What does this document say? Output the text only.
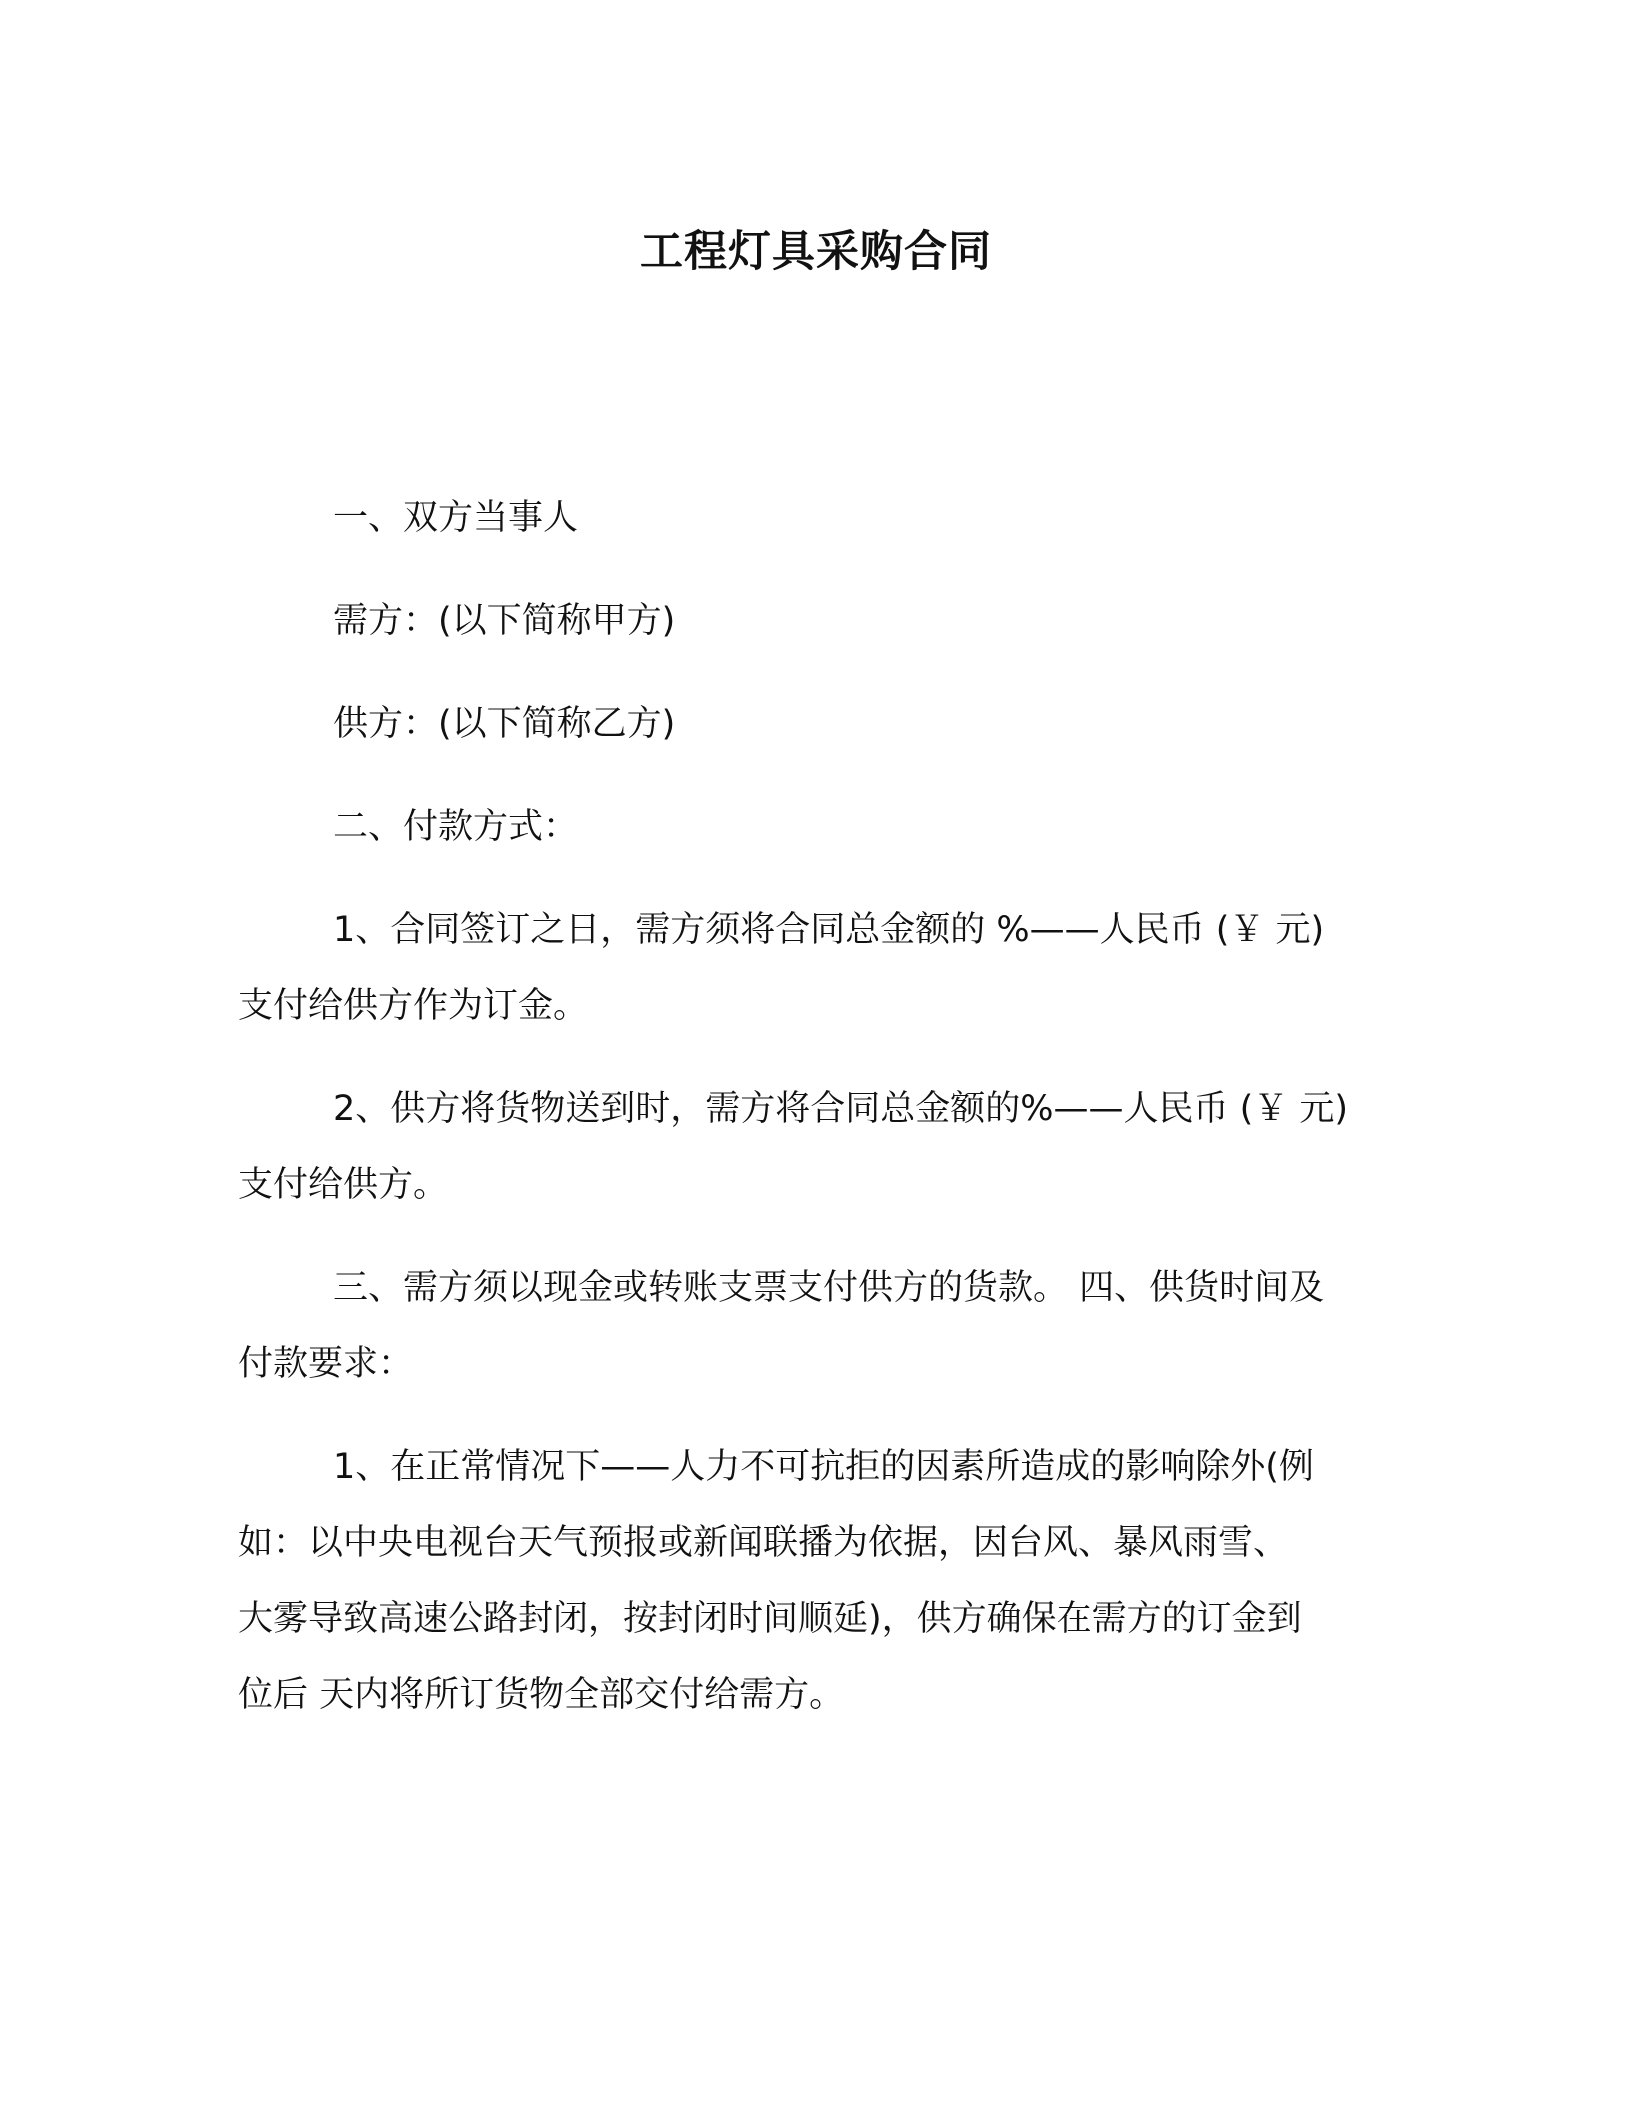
工程灯具采购合同
一、双方当事人
需方：(以下简称甲方)
供方：(以下简称乙方)
二、付款方式：
1、合同签订之日，需方须将合同总金额的 %——人民币 (￥ 元)
支付给供方作为订金。
2、供方将货物送到时，需方将合同总金额的%——人民币 (￥ 元)
支付给供方。
三、需方须以现金或转账支票支付供方的货款。 四、供货时间及
付款要求：
1、在正常情况下——人力不可抗拒的因素所造成的影响除外(例
如：以中央电视台天气预报或新闻联播为依据，因台风、暴风雨雪、
大雾导致高速公路封闭，按封闭时间顺延)，供方确保在需方的订金到
位后 天内将所订货物全部交付给需方。
